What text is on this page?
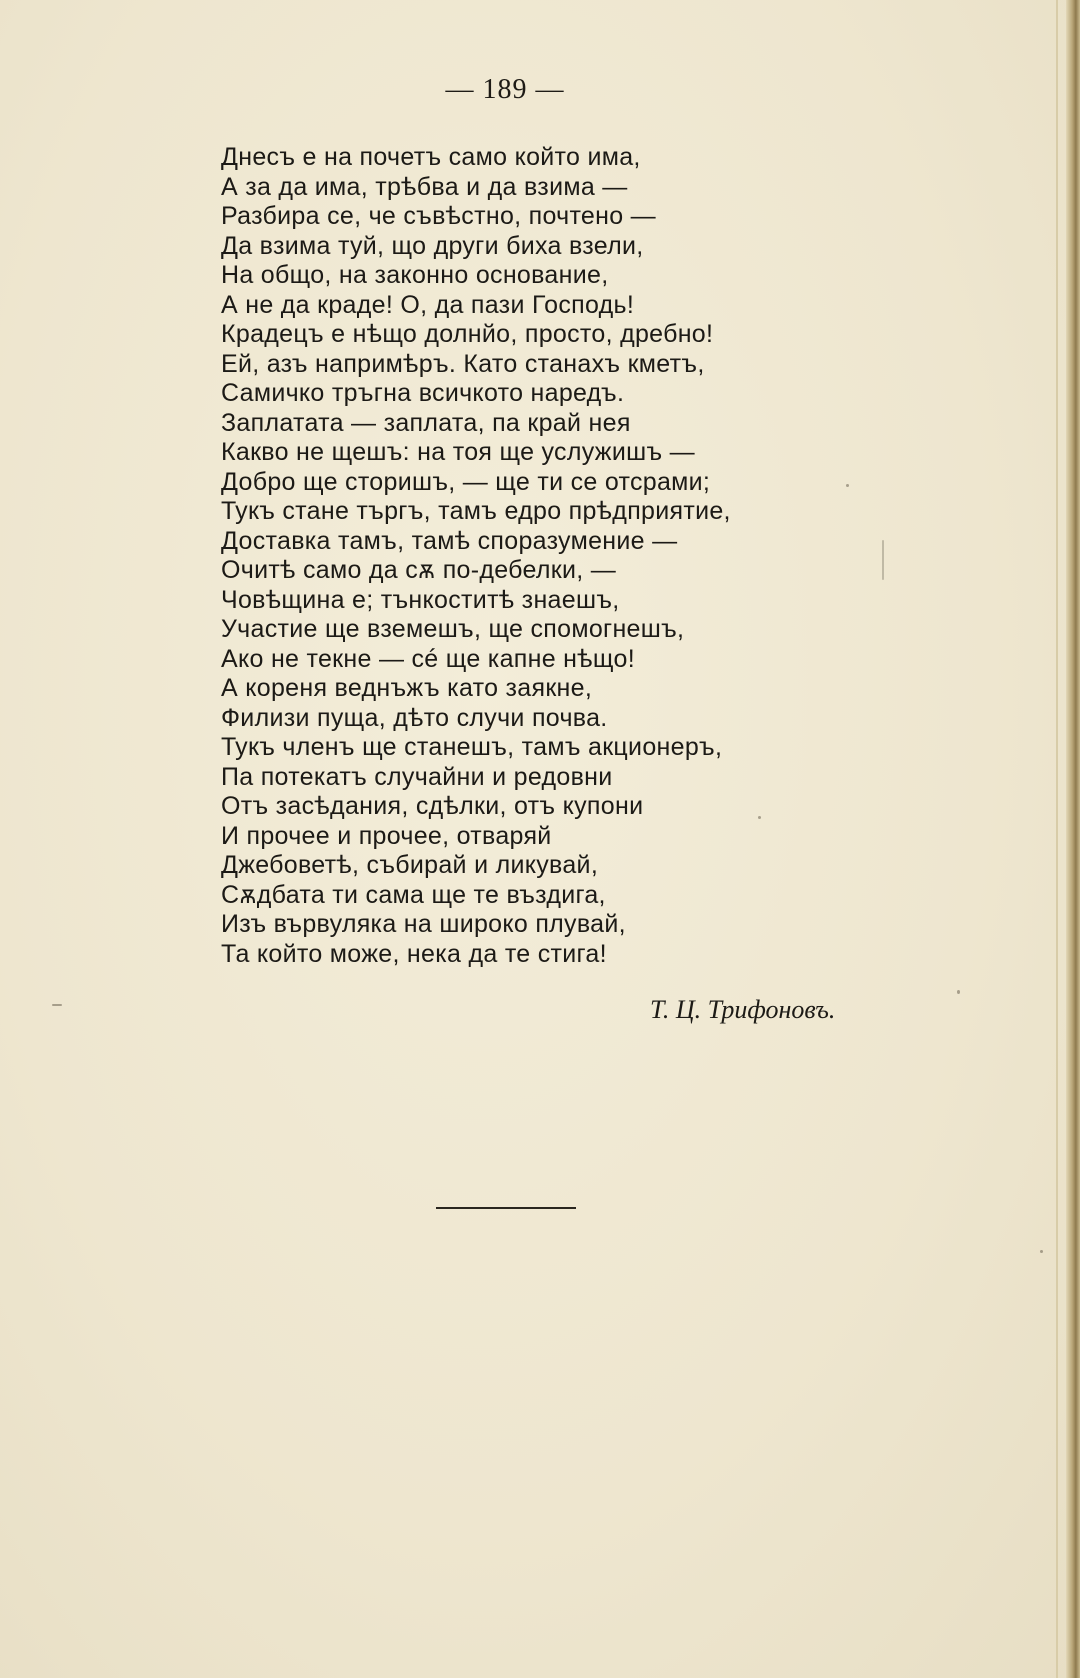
— 189 —
Днесъ е на почетъ само който има,
А за да има, трѣбва и да взима —
Разбира се, че съвѣстно, почтено —
Да взима туй, що други биха взели,
На общо, на законно основание,
А не да краде! О, да пази Господь!
Крадецъ е нѣщо долнйо, просто, дребно!
Ей, азъ напримѣръ. Като станахъ кметъ,
Самичко тръгна всичкото наредъ.
Заплатата — заплата, па край нея
Какво не щешъ: на тоя ще услужишъ —
Добро ще сторишъ, — ще ти се отсрами;
Тукъ стане търгъ, тамъ едро прѣдприятие,
Доставка тамъ, тамѣ споразумение —
Очитѣ само да сѫ по-дебелки, —
Човѣщина е; тънкоститѣ знаешъ,
Участие ще вземешъ, ще спомогнешъ,
Ако не текне — сé ще капне нѣщо!
А кореня веднъжъ като заякне,
Филизи пуща, дѣто случи почва.
Тукъ членъ ще станешъ, тамъ акционеръ,
Па потекатъ случайни и редовни
Отъ засѣдания, сдѣлки, отъ купони
И прочее и прочее, отваряй
Джебоветѣ, събирай и ликувай,
Сѫдбата ти сама ще те въздига,
Изъ вървуляка на широко плувай,
Та който може, нека да те стига!
Т. Ц. Трифоновъ.
